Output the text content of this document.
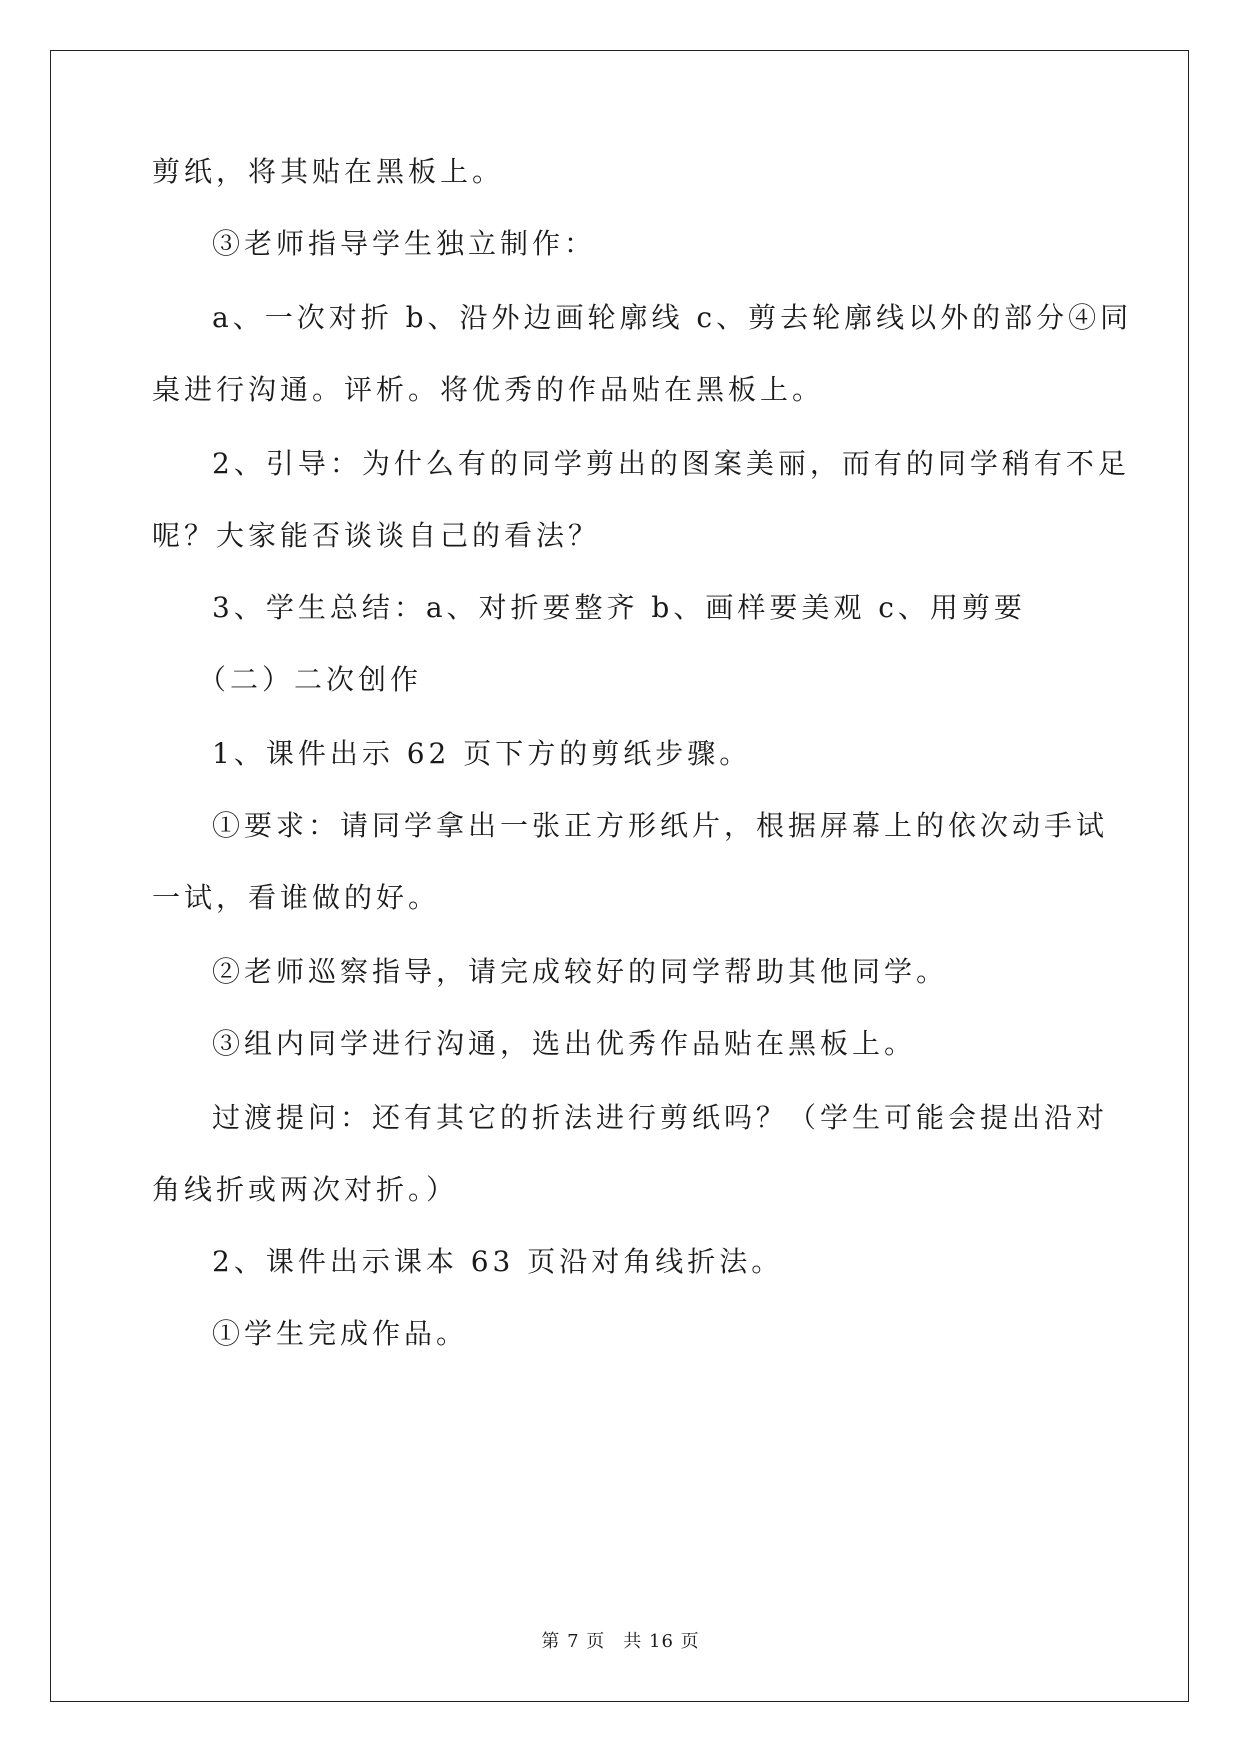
剪纸，将其贴在黑板上。
③老师指导学生独立制作：
a、一次对折 b、沿外边画轮廓线 c、剪去轮廓线以外的部分④同
桌进行沟通。评析。将优秀的作品贴在黑板上。
2、引导：为什么有的同学剪出的图案美丽，而有的同学稍有不足
呢？大家能否谈谈自己的看法？
3、学生总结：a、对折要整齐 b、画样要美观 c、用剪要
（二）二次创作
1、课件出示 62 页下方的剪纸步骤。
①要求：请同学拿出一张正方形纸片，根据屏幕上的依次动手试
一试，看谁做的好。
②老师巡察指导，请完成较好的同学帮助其他同学。
③组内同学进行沟通，选出优秀作品贴在黑板上。
过渡提问：还有其它的折法进行剪纸吗？（学生可能会提出沿对
角线折或两次对折。）
2、课件出示课本 63 页沿对角线折法。
①学生完成作品。
第 7 页 共 16 页
